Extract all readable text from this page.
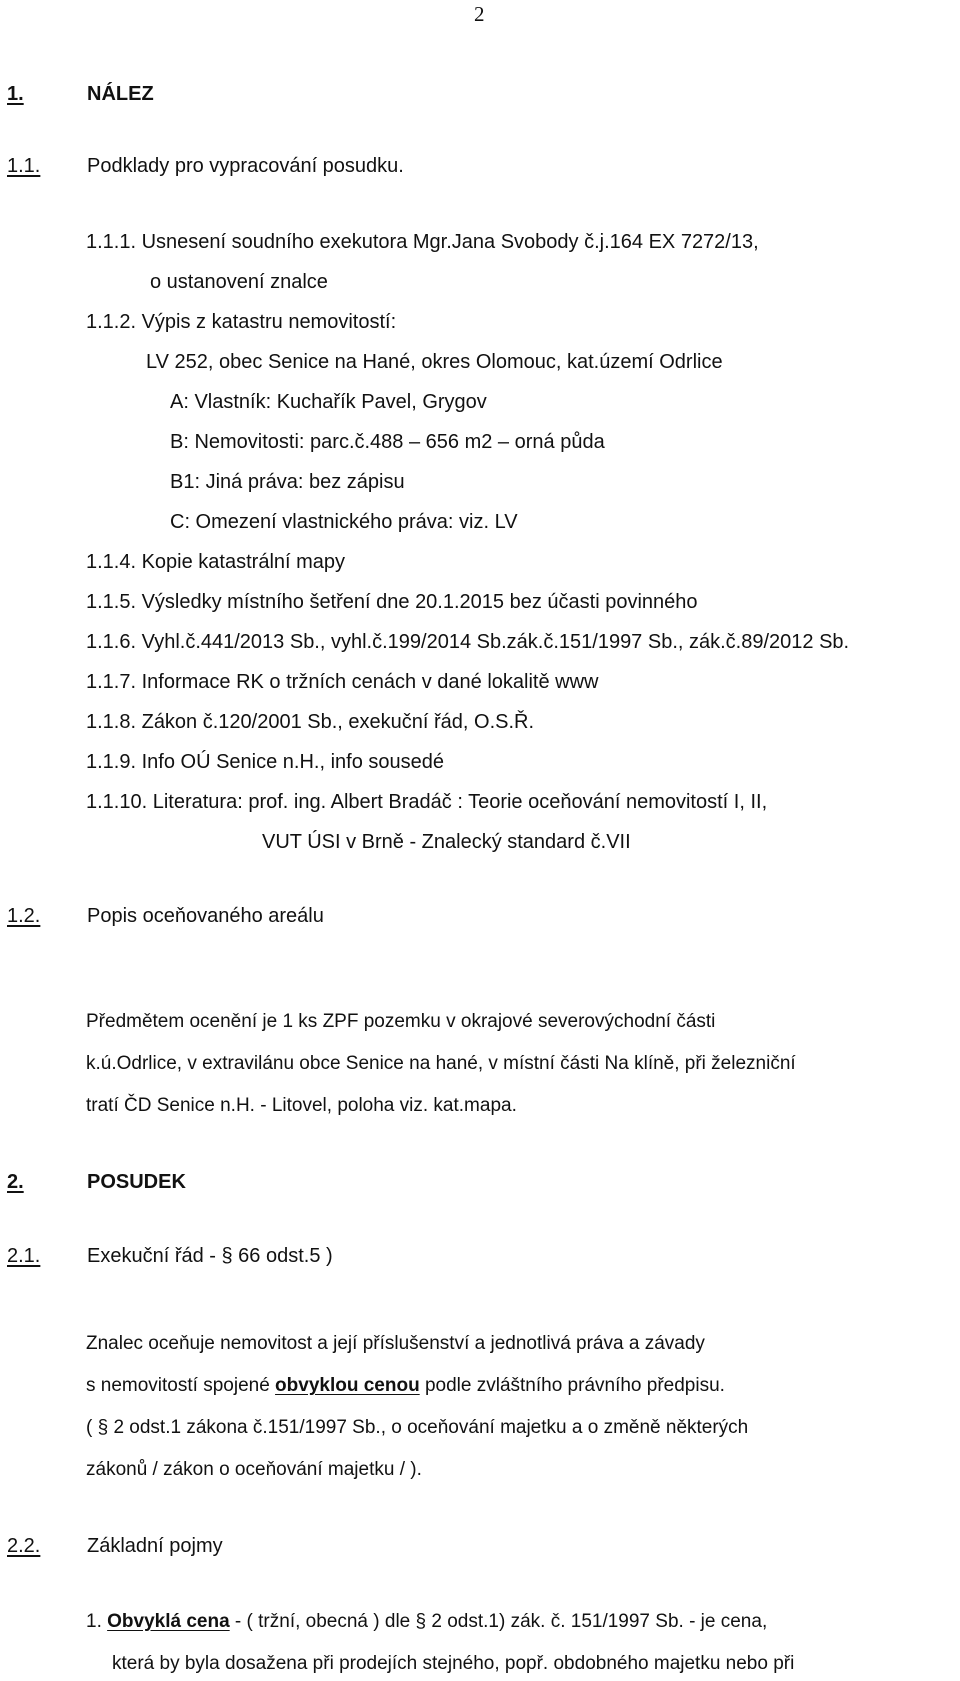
2
1.	NÁLEZ
1.1. Podklady pro vypracování posudku.
1.1.1. Usnesení soudního exekutora Mgr.Jana Svobody č.j.164 EX 7272/13,
o ustanovení znalce
1.1.2. Výpis z katastru nemovitostí:
LV 252, obec Senice na Hané, okres Olomouc, kat.území Odrlice
A: Vlastník: Kuchařík Pavel, Grygov
B: Nemovitosti: parc.č.488 – 656 m2 – orná půda
B1: Jiná práva: bez zápisu
C: Omezení vlastnického práva: viz. LV
1.1.4. Kopie katastrální mapy
1.1.5. Výsledky místního šetření dne 20.1.2015 bez účasti povinného
1.1.6. Vyhl.č.441/2013 Sb., vyhl.č.199/2014 Sb.zák.č.151/1997 Sb., zák.č.89/2012 Sb.
1.1.7. Informace RK o tržních cenách v dané lokalitě www
1.1.8. Zákon č.120/2001 Sb., exekuční řád, O.S.Ř.
1.1.9. Info OÚ Senice n.H., info sousedé
1.1.10. Literatura: prof. ing. Albert Bradáč : Teorie oceňování nemovitostí I, II,
VUT ÚSI v Brně - Znalecký standard č.VII
1.2. Popis oceňovaného areálu
Předmětem ocenění je 1 ks ZPF pozemku v okrajové severovýchodní části
k.ú.Odrlice, v extravilánu obce Senice na hané, v místní části Na klíně, při železniční
tratí ČD Senice n.H. - Litovel, poloha viz. kat.mapa.
2.	POSUDEK
2.1. Exekuční řád - § 66 odst.5 )
Znalec oceňuje nemovitost a její příslušenství a jednotlivá práva a závady
s nemovitostí spojené obvyklou cenou podle zvláštního právního předpisu.
( § 2 odst.1 zákona č.151/1997 Sb., o oceňování majetku a o změně některých
zákonů / zákon o oceňování majetku / ).
2.2. Základní pojmy
1. Obvyklá cena - ( tržní, obecná ) dle § 2 odst.1) zák. č. 151/1997 Sb. - je cena,
která by byla dosažena při prodejích stejného, popř. obdobného majetku nebo při
